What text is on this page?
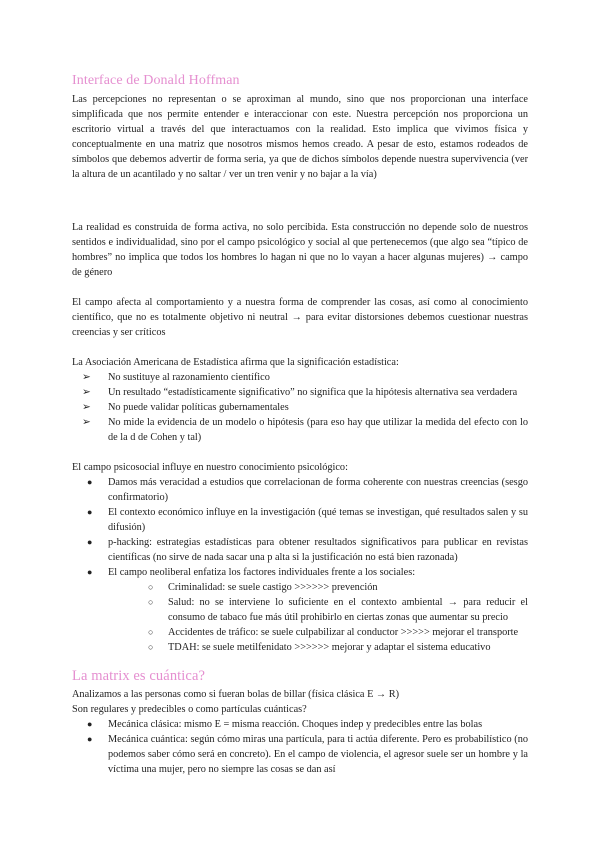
Interface de Donald Hoffman

Las percepciones no representan o se aproximan al mundo, sino que nos proporcionan una interface simplificada que nos permite entender e interaccionar con este. Nuestra percepción nos proporciona un escritorio virtual a través del que interactuamos con la realidad. Esto implica que vivimos física y conceptualmente en una matriz que nosotros mismos hemos creado. A pesar de esto, estamos rodeados de símbolos que debemos advertir de forma seria, ya que de dichos símbolos depende nuestra supervivencia (ver la altura de un acantilado y no saltar / ver un tren venir y no bajar a la vía)

La realidad es construida de forma activa, no solo percibida. Esta construcción no depende solo de nuestros sentidos e individualidad, sino por el campo psicológico y social al que pertenecemos (que algo sea “típico de hombres” no implica que todos los hombres lo hagan ni que no lo vayan a hacer algunas mujeres) → campo de género

El campo afecta al comportamiento y a nuestra forma de comprender las cosas, así como al conocimiento científico, que no es totalmente objetivo ni neutral → para evitar distorsiones debemos cuestionar nuestras creencias y ser críticos

La Asociación Americana de Estadística afirma que la significación estadística:

➢ No sustituye al razonamiento científico
➢ Un resultado “estadísticamente significativo” no significa que la hipótesis alternativa sea verdadera
➢ No puede validar políticas gubernamentales
➢ No mide la evidencia de un modelo o hipótesis (para eso hay que utilizar la medida del efecto con lo de la d de Cohen y tal)

El campo psicosocial influye en nuestro conocimiento psicológico:

● Damos más veracidad a estudios que correlacionan de forma coherente con nuestras creencias (sesgo confirmatorio)
● El contexto económico influye en la investigación (qué temas se investigan, qué resultados salen y su difusión)
● p-hacking: estrategias estadísticas para obtener resultados significativos para publicar en revistas científicas (no sirve de nada sacar una p alta si la justificación no está bien razonada)
● El campo neoliberal enfatiza los factores individuales frente a los sociales:
○ Criminalidad: se suele castigo >>>>>> prevención
○ Salud: no se interviene lo suficiente en el contexto ambiental → para reducir el consumo de tabaco fue más útil prohibirlo en ciertas zonas que aumentar su precio
○ Accidentes de tráfico: se suele culpabilizar al conductor >>>>> mejorar el transporte
○ TDAH: se suele metilfenidato >>>>>> mejorar y adaptar el sistema educativo
La matrix es cuántica?

Analizamos a las personas como si fueran bolas de billar (física clásica E → R)

Son regulares y predecibles o como partículas cuánticas?

● Mecánica clásica: mismo E = misma reacción. Choques indep y predecibles entre las bolas
● Mecánica cuántica: según cómo miras una partícula, para ti actúa diferente. Pero es probabilístico (no podemos saber cómo será en concreto). En el campo de violencia, el agresor suele ser un hombre y la víctima una mujer, pero no siempre las cosas se dan así
